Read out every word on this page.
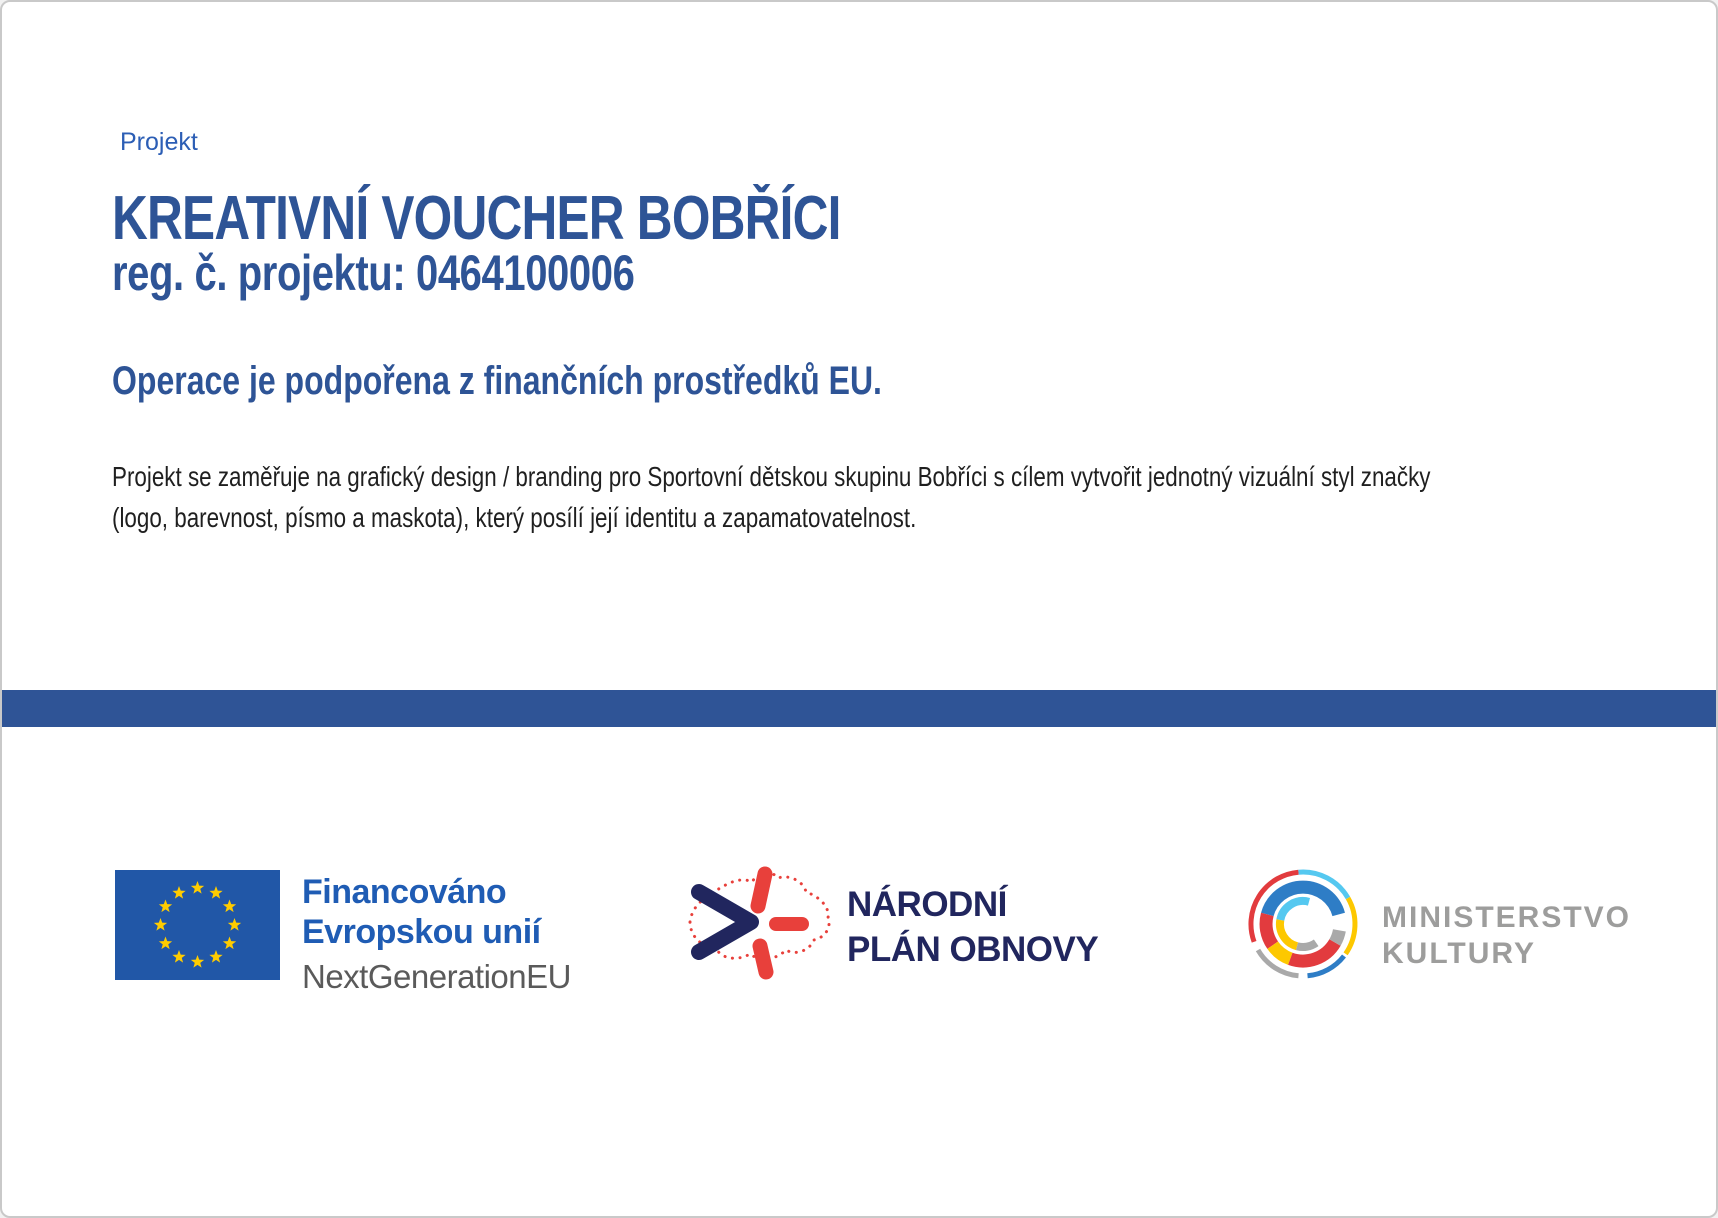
Projekt
KREATIVNÍ VOUCHER BOBŘÍCI
reg. č. projektu: 0464100006
Operace je podpořena z finančních prostředků EU.
Projekt se zaměřuje na grafický design / branding pro Sportovní dětskou skupinu Bobříci s cílem vytvořit jednotný vizuální styl značky (logo, barevnost, písmo a maskota), který posílí její identitu a zapamatovatelnost.
Financováno
Evropskou unií
NextGenerationEU
NÁRODNÍ
PLÁN OBNOVY
MINISTERSTVO
KULTURY
